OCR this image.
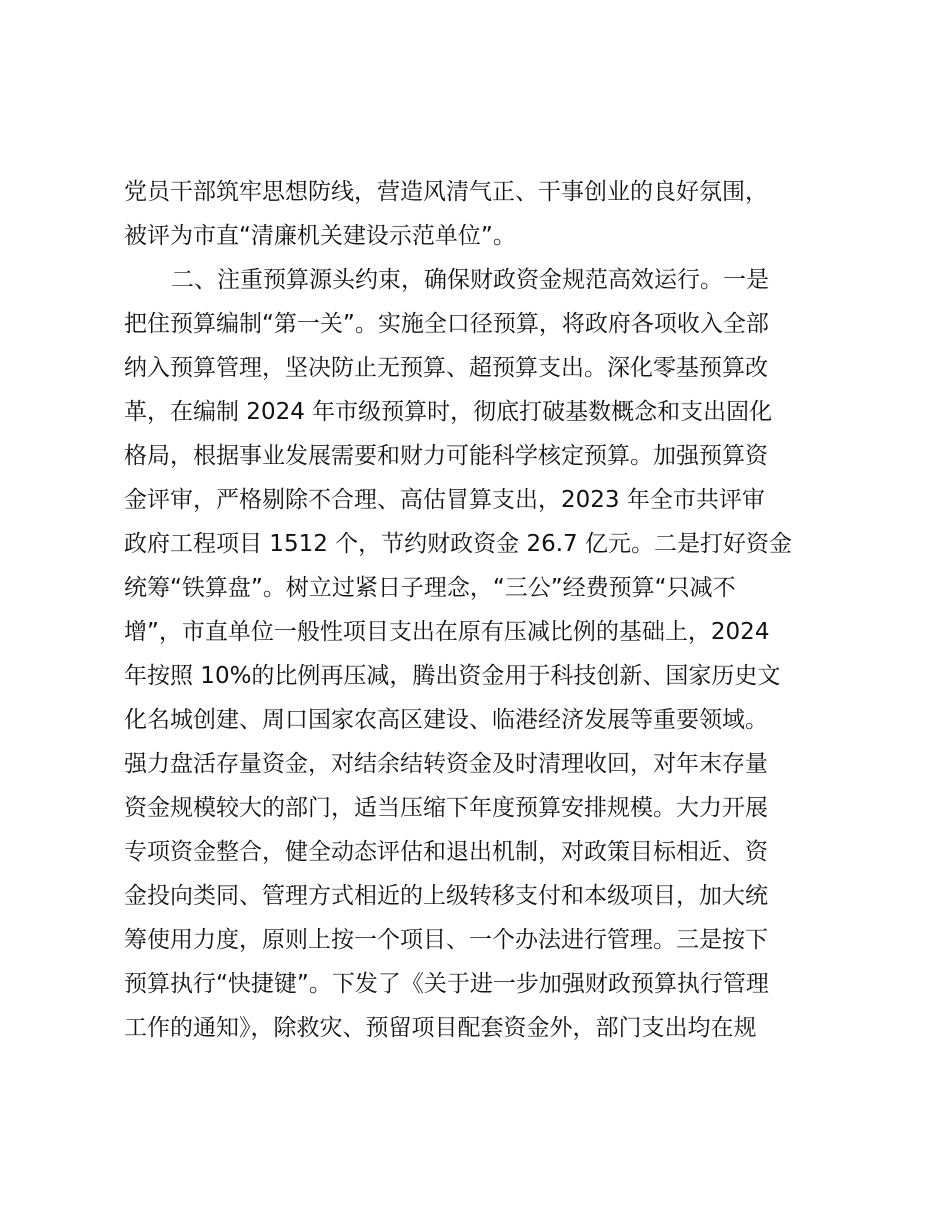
党员干部筑牢思想防线，营造风清气正、干事创业的良好氛围，
被评为市直“清廉机关建设示范单位”。
二、注重预算源头约束，确保财政资金规范高效运行。一是
把住预算编制“第一关”。实施全口径预算，将政府各项收入全部
纳入预算管理，坚决防止无预算、超预算支出。深化零基预算改
革，在编制 2024 年市级预算时，彻底打破基数概念和支出固化
格局，根据事业发展需要和财力可能科学核定预算。加强预算资
金评审，严格剔除不合理、高估冒算支出，2023 年全市共评审
政府工程项目 1512 个，节约财政资金 26.7 亿元。二是打好资金
统筹“铁算盘”。树立过紧日子理念，“三公”经费预算“只减不
增”，市直单位一般性项目支出在原有压减比例的基础上，2024
年按照 10%的比例再压减，腾出资金用于科技创新、国家历史文
化名城创建、周口国家农高区建设、临港经济发展等重要领域。
强力盘活存量资金，对结余结转资金及时清理收回，对年末存量
资金规模较大的部门，适当压缩下年度预算安排规模。大力开展
专项资金整合，健全动态评估和退出机制，对政策目标相近、资
金投向类同、管理方式相近的上级转移支付和本级项目，加大统
筹使用力度，原则上按一个项目、一个办法进行管理。三是按下
预算执行“快捷键”。下发了《关于进一步加强财政预算执行管理
工作的通知》，除救灾、预留项目配套资金外，部门支出均在规
